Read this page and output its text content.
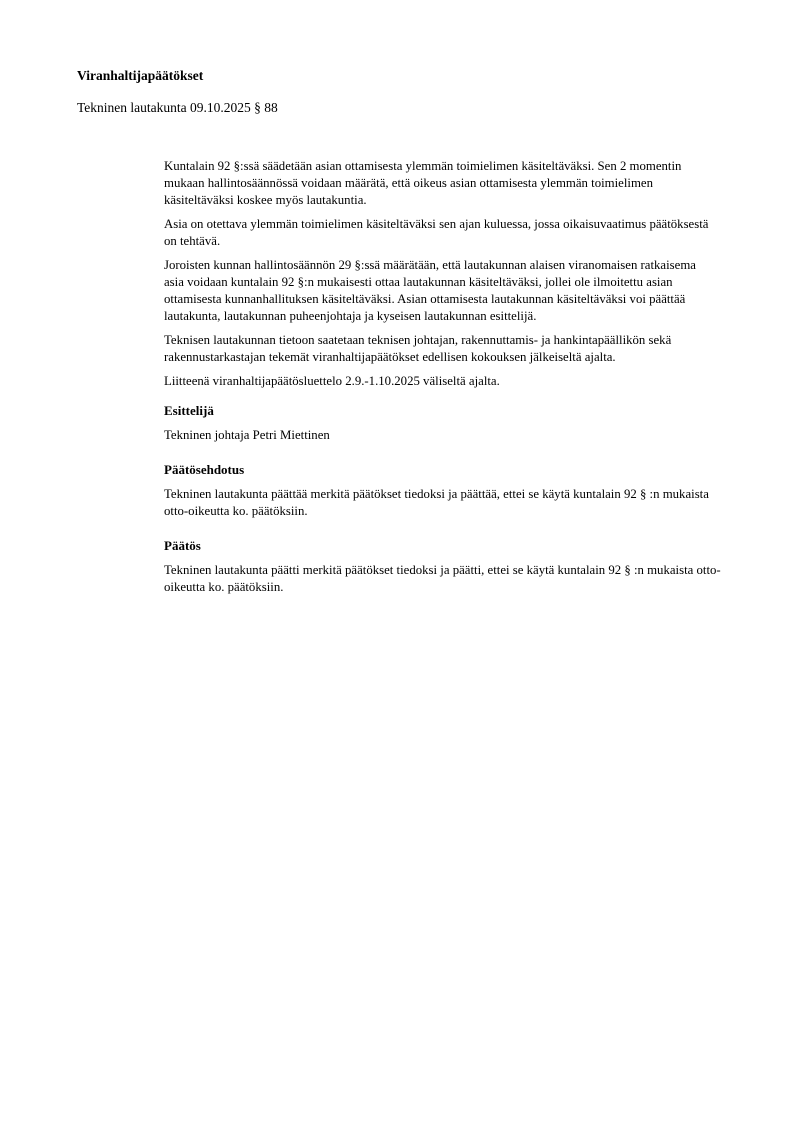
Viranhaltijapäätökset
Tekninen lautakunta 09.10.2025 § 88

Kuntalain 92 §:ssä säädetään asian ottamisesta ylemmän toimielimen käsiteltäväksi. Sen 2 momentin mukaan hallintosäännössä voidaan määrätä, että oikeus asian ottamisesta ylemmän toimielimen käsiteltäväksi koskee myös lautakuntia.

Asia on otettava ylemmän toimielimen käsiteltäväksi sen ajan kuluessa, jossa oikaisuvaatimus päätöksestä on tehtävä.

Joroisten kunnan hallintosäännön 29 §:ssä määrätään, että lautakunnan alaisen viranomaisen ratkaisema asia voidaan kuntalain 92 §:n mukaisesti ottaa lautakunnan käsiteltäväksi, jollei ole ilmoitettu asian ottamisesta kunnanhallituksen käsiteltäväksi. Asian ottamisesta lautakunnan käsiteltäväksi voi päättää lautakunta, lautakunnan puheenjohtaja ja kyseisen lautakunnan esittelijä.

Teknisen lautakunnan tietoon saatetaan teknisen johtajan, rakennuttamis- ja hankintapäällikön sekä rakennustarkastajan tekemät viranhaltijapäätökset edellisen kokouksen jälkeiseltä ajalta.

Liitteenä viranhaltijapäätösluettelo 2.9.-1.10.2025 väliseltä ajalta.

Esittelijä

Tekninen johtaja Petri Miettinen

Päätösehdotus

Tekninen lautakunta päättää merkitä päätökset tiedoksi ja päättää, ettei se käytä kuntalain 92 § :n mukaista otto-oikeutta ko. päätöksiin.

Päätös

Tekninen lautakunta päätti merkitä päätökset tiedoksi ja päätti, ettei se käytä kuntalain 92 § :n mukaista otto-oikeutta ko. päätöksiin.
